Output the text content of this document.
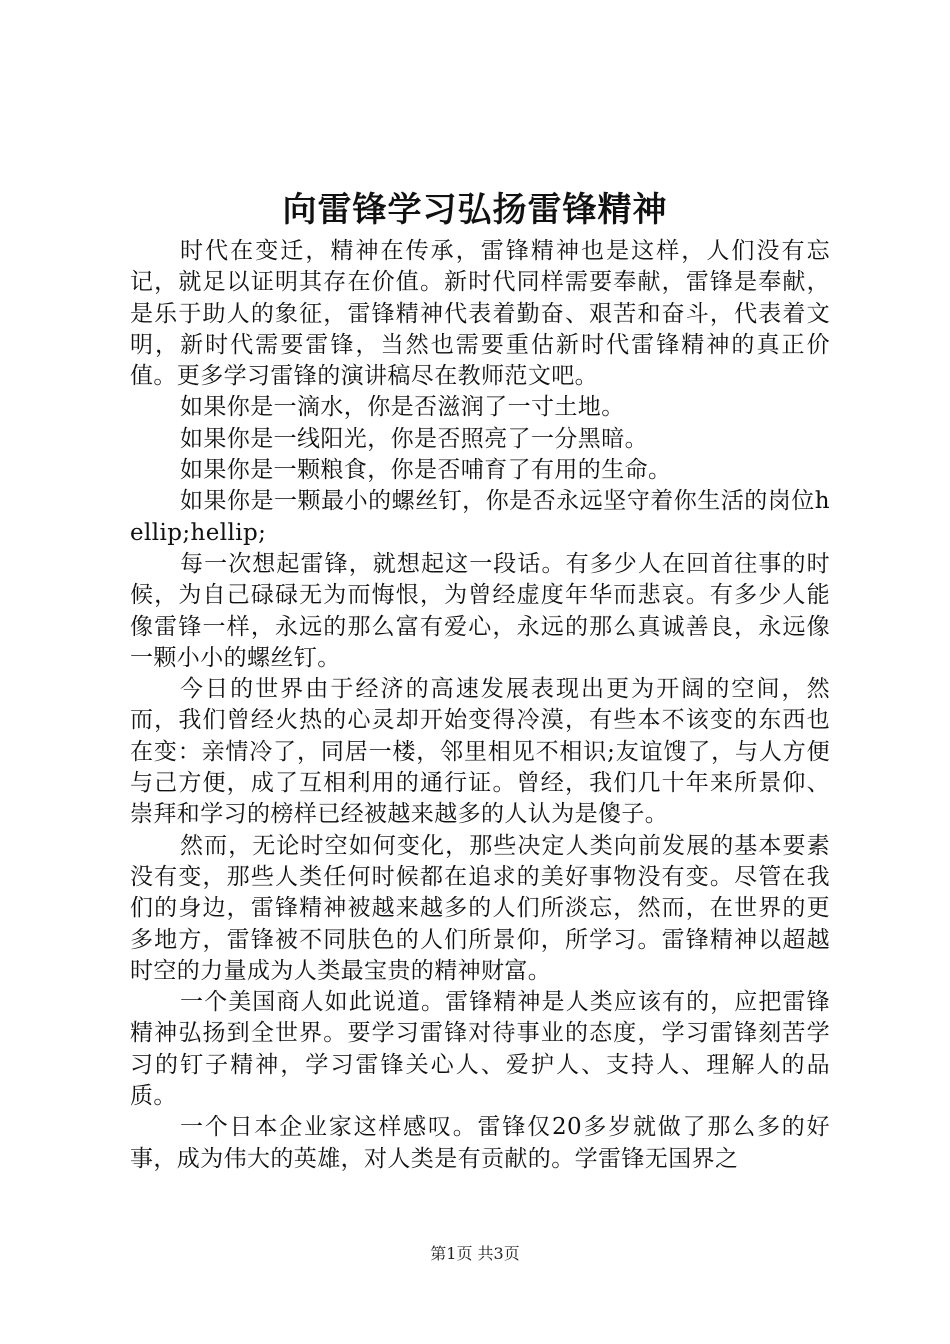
向雷锋学习弘扬雷锋精神

时代在变迁，精神在传承，雷锋精神也是这样，人们没有忘记，就足以证明其存在价值。新时代同样需要奉献，雷锋是奉献，是乐于助人的象征，雷锋精神代表着勤奋、艰苦和奋斗，代表着文明，新时代需要雷锋，当然也需要重估新时代雷锋精神的真正价值。更多学习雷锋的演讲稿尽在教师范文吧。

如果你是一滴水，你是否滋润了一寸土地。

如果你是一线阳光，你是否照亮了一分黑暗。

如果你是一颗粮食，你是否哺育了有用的生命。

如果你是一颗最小的螺丝钉，你是否永远坚守着你生活的岗位hellip;hellip;

每一次想起雷锋，就想起这一段话。有多少人在回首往事的时候，为自己碌碌无为而悔恨，为曾经虚度年华而悲哀。有多少人能像雷锋一样，永远的那么富有爱心，永远的那么真诚善良，永远像一颗小小的螺丝钉。

今日的世界由于经济的高速发展表现出更为开阔的空间，然而，我们曾经火热的心灵却开始变得冷漠，有些本不该变的东西也在变：亲情冷了，同居一楼，邻里相见不相识;友谊馊了，与人方便与己方便，成了互相利用的通行证。曾经，我们几十年来所景仰、崇拜和学习的榜样已经被越来越多的人认为是傻子。

然而，无论时空如何变化，那些决定人类向前发展的基本要素没有变，那些人类任何时候都在追求的美好事物没有变。尽管在我们的身边，雷锋精神被越来越多的人们所淡忘，然而，在世界的更多地方，雷锋被不同肤色的人们所景仰，所学习。雷锋精神以超越时空的力量成为人类最宝贵的精神财富。

一个美国商人如此说道。雷锋精神是人类应该有的，应把雷锋精神弘扬到全世界。要学习雷锋对待事业的态度，学习雷锋刻苦学习的钉子精神，学习雷锋关心人、爱护人、支持人、理解人的品质。

一个日本企业家这样感叹。雷锋仅20多岁就做了那么多的好事，成为伟大的英雄，对人类是有贡献的。学雷锋无国界之

第1页 共3页
